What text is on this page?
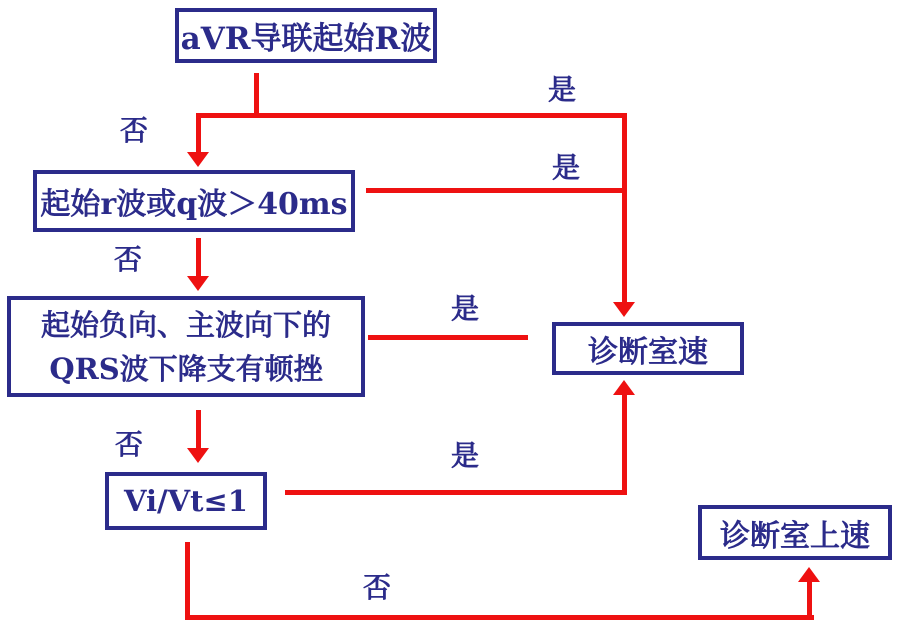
aVR导联起始R波
起始r波或q波＞40ms
起始负向、主波向下的
QRS波下降支有顿挫
Vi/Vt≤1
诊断室速
诊断室上速
是
否
是
否
是
否	是
否
